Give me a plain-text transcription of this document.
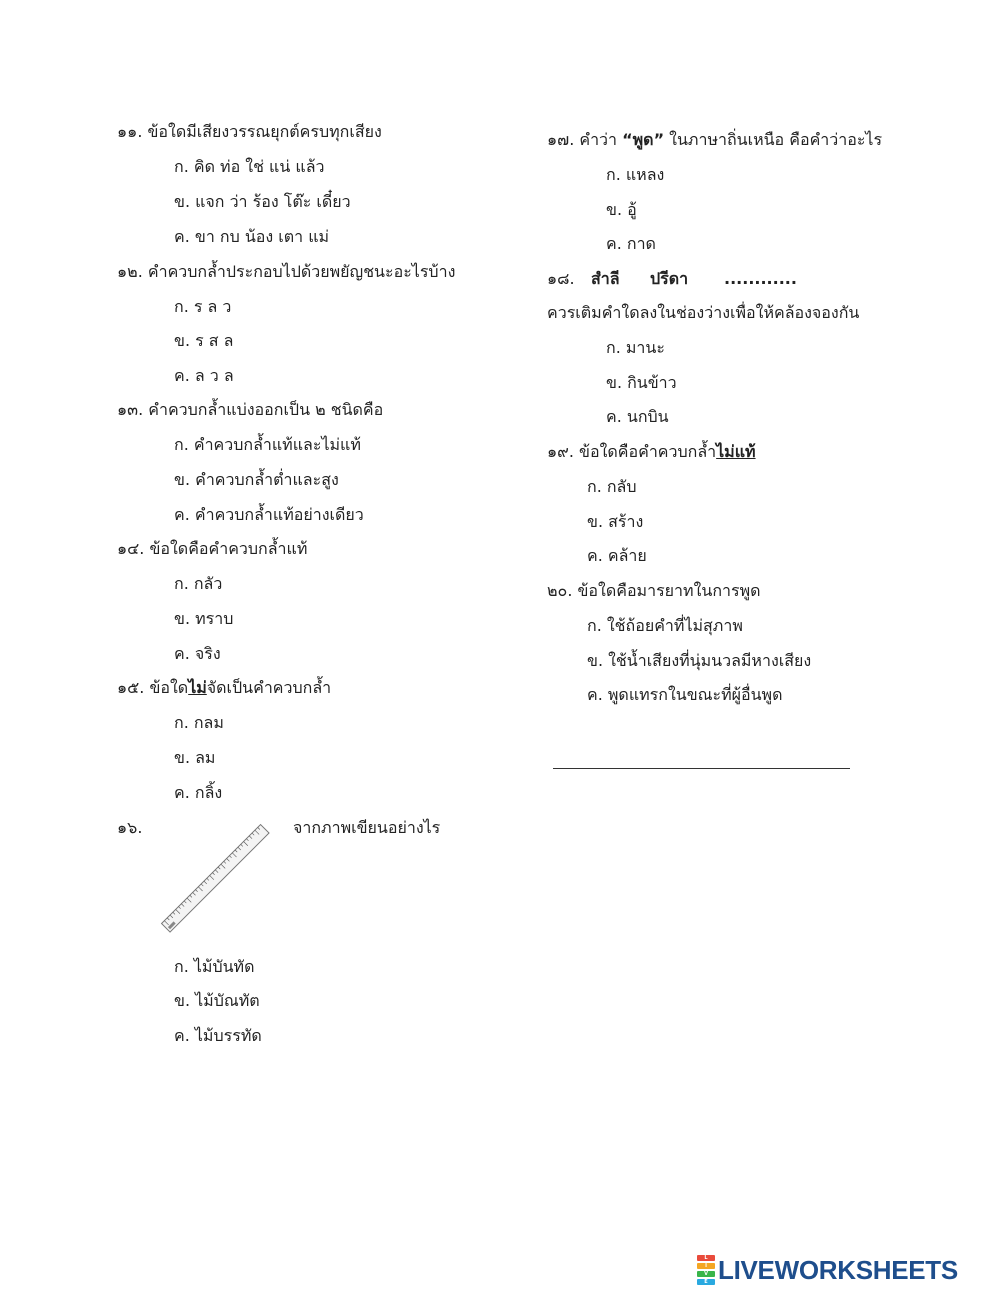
๑๑. ข้อใดมีเสียงวรรณยุกต์ครบทุกเสียง
ก. คิด ท่อ ใช่ แน่ แล้ว
ข. แจก ว่า ร้อง โต๊ะ เดี๋ยว
ค. ขา กบ น้อง เตา แม่
๑๒. คำควบกล้ำประกอบไปด้วยพยัญชนะอะไรบ้าง
ก. ร ล ว
ข. ร ส ล
ค. ล ว ล
๑๓. คำควบกล้ำแบ่งออกเป็น ๒ ชนิดคือ
ก. คำควบกล้ำแท้และไม่แท้
ข. คำควบกล้ำต่ำและสูง
ค. คำควบกล้ำแท้อย่างเดียว
๑๔. ข้อใดคือคำควบกล้ำแท้
ก. กลัว
ข. ทราบ
ค. จริง
๑๕. ข้อใดไม่จัดเป็นคำควบกล้ำ
ก. กลม
ข. ลม
ค. กลิ้ง
๑๖.	จากภาพเขียนอย่างไร
ก. ไม้บันทัด
ข. ไม้บัณทัต
ค. ไม้บรรทัด
๑๗. คำว่า “พูด” ในภาษาถิ่นเหนือ คือคำว่าอะไร
ก. แหลง
ข. อู้
ค. กาด
๑๘. สำลี ปรีดา ............
ควรเติมคำใดลงในช่องว่างเพื่อให้คล้องจองกัน
ก. มานะ
ข. กินข้าว
ค. นกบิน
๑๙. ข้อใดคือคำควบกล้ำไม่แท้
ก. กลับ
ข. สร้าง
ค. คล้าย
๒๐. ข้อใดคือมารยาทในการพูด
ก. ใช้ถ้อยคำที่ไม่สุภาพ
ข. ใช้น้ำเสียงที่นุ่มนวลมีหางเสียง
ค. พูดแทรกในขณะที่ผู้อื่นพูด
L
I
V
E LIVEWORKSHEETS
